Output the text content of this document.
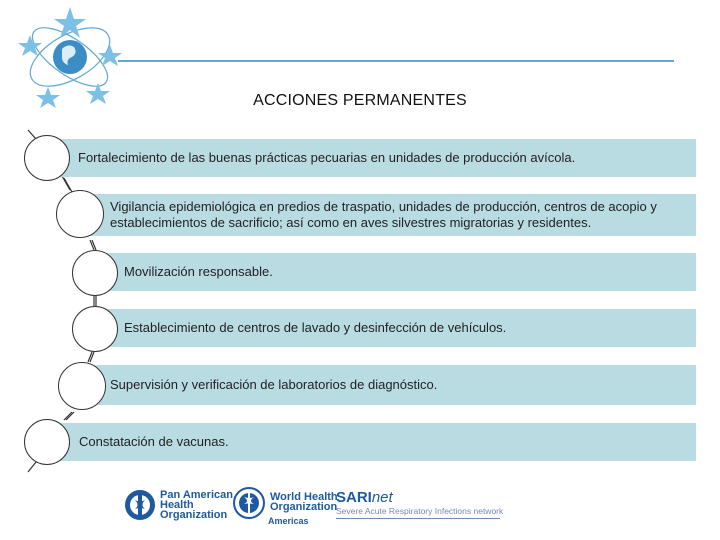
ACCIONES PERMANENTES
Fortalecimiento de las buenas prácticas pecuarias en unidades de producción avícola.
Vigilancia epidemiológica en predios de traspatio, unidades de producción, centros de acopio y establecimientos de sacrificio; así como en aves silvestres migratorias y residentes.
Movilización responsable.
Establecimiento de centros de lavado y desinfección de vehículos.
Supervisión y verificación de laboratorios de diagnóstico.
Constatación de vacunas.
Pan American
Health
Organization
World Health
Organization
Americas
SARInet
Severe Acute Respiratory Infections network
